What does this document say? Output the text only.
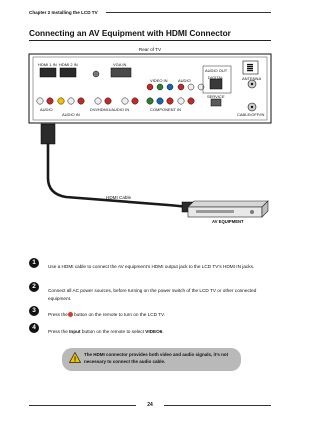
Chapter 2 Installing the LCD TV
Connecting an AV Equipment with HDMI Connector
Rear of TV
≣
HDMI 1 IN HDMI 2 IN	VGA IN
VIDEO IN	AUDIO
AUDIO OUT
DIGITAL
SERVICE
ANTENNA
CABLE/OFF/IN
COMPONENT IN
AUDIO	DVI/HDMI1/AUDIO IN
AUDIO IN
HDMI Cable
AV EQUIPMENT
1
Use a HDMI cable to connect the AV equipment’s HDMI output jack to the LCD TV’s HDMI IN jacks.
2
Connect all AC power sources, before turning on the power switch of the LCD TV or other connected equipment.
3
Press the button on the remote to turn on the LCD TV.
4
Press the Input button on the remote to select VIDEO6.
!
The HDMI connector provides both video and audio signals, it’s not necessary to connect the audio cable.
24
